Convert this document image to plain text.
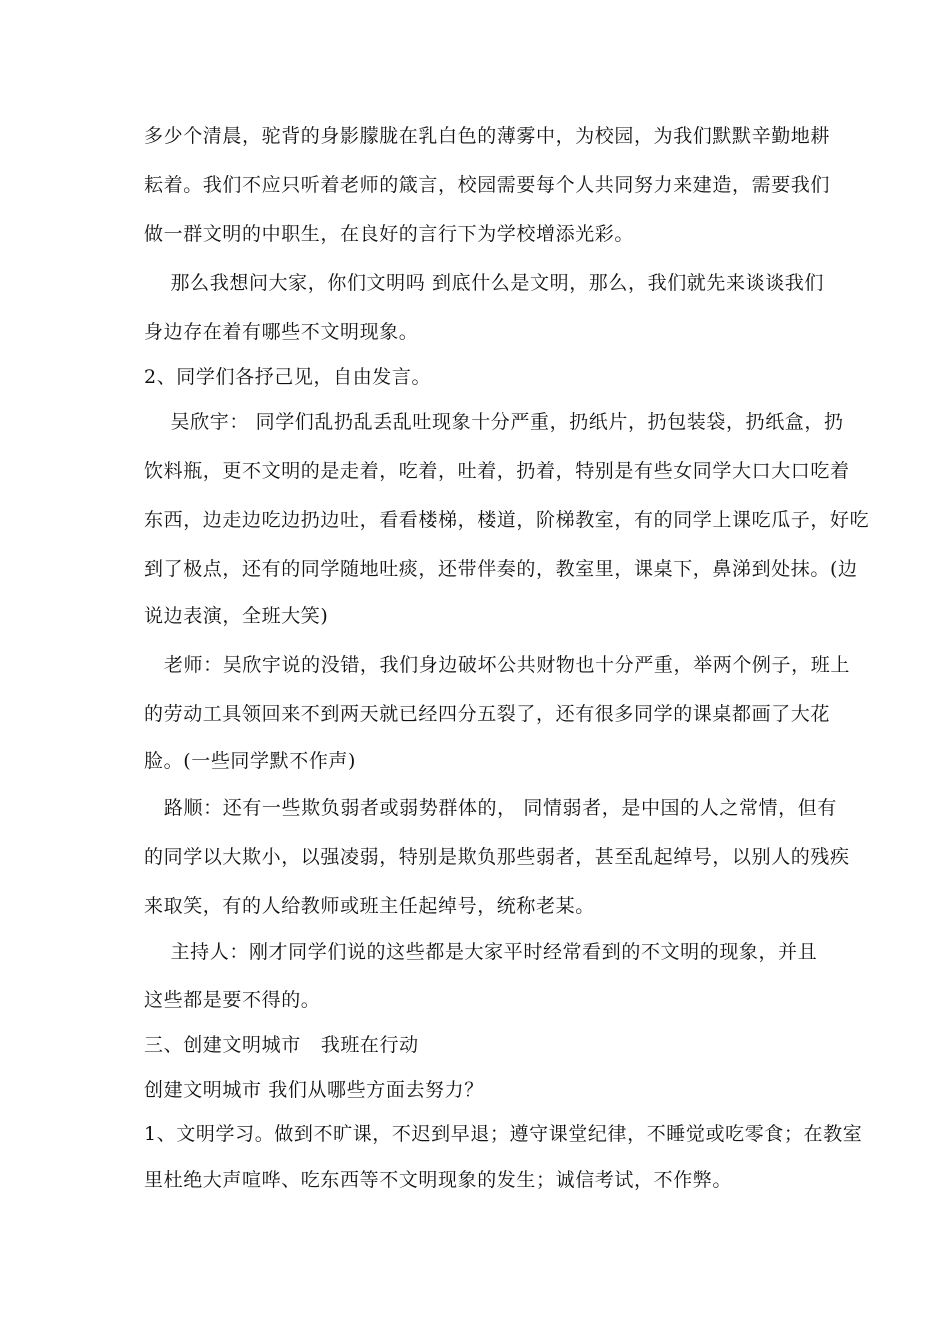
多少个清晨，驼背的身影朦胧在乳白色的薄雾中，为校园，为我们默默辛勤地耕
耘着。我们不应只听着老师的箴言，校园需要每个人共同努力来建造，需要我们
做一群文明的中职生，在良好的言行下为学校增添光彩。
那么我想问大家，你们文明吗 到底什么是文明，那么，我们就先来谈谈我们
身边存在着有哪些不文明现象。
2、同学们各抒己见，自由发言。
吴欣宇： 同学们乱扔乱丢乱吐现象十分严重，扔纸片，扔包装袋，扔纸盒，扔
饮料瓶，更不文明的是走着，吃着，吐着，扔着，特别是有些女同学大口大口吃着
东西，边走边吃边扔边吐，看看楼梯，楼道，阶梯教室，有的同学上课吃瓜子，好吃
到了极点，还有的同学随地吐痰，还带伴奏的，教室里，课桌下，鼻涕到处抹。(边
说边表演，全班大笑)
老师：吴欣宇说的没错，我们身边破坏公共财物也十分严重，举两个例子，班上
的劳动工具领回来不到两天就已经四分五裂了，还有很多同学的课桌都画了大花
脸。(一些同学默不作声)
路顺：还有一些欺负弱者或弱势群体的， 同情弱者，是中国的人之常情，但有
的同学以大欺小，以强凌弱，特别是欺负那些弱者，甚至乱起绰号，以别人的残疾
来取笑，有的人给教师或班主任起绰号，统称老某。
主持人：刚才同学们说的这些都是大家平时经常看到的不文明的现象，并且
这些都是要不得的。
三、创建文明城市   我班在行动
创建文明城市 我们从哪些方面去努力？
1、文明学习。做到不旷课，不迟到早退；遵守课堂纪律，不睡觉或吃零食；在教室
里杜绝大声喧哗、吃东西等不文明现象的发生；诚信考试，不作弊。
